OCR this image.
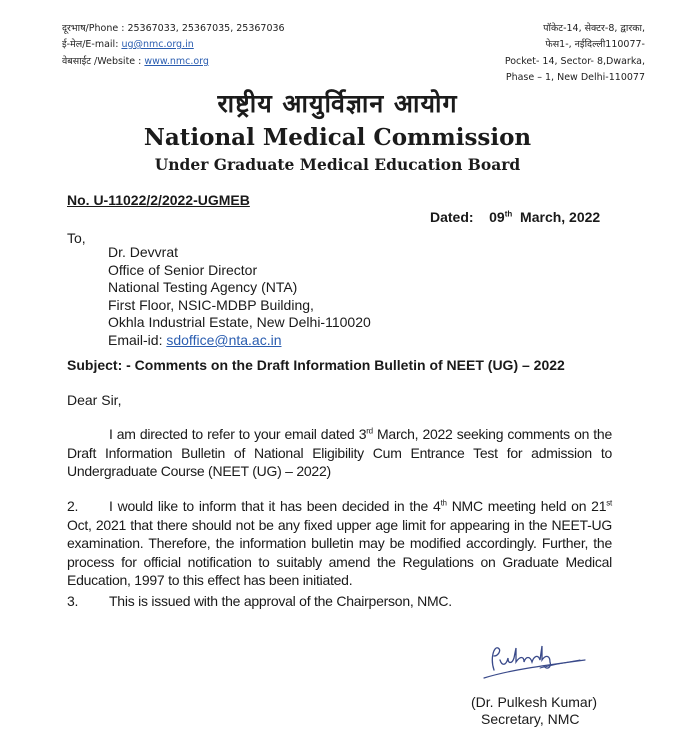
दूरभाष/Phone : 25367033, 25367035, 25367036
ई-मेल/E-mail: ug@nmc.org.in
वेबसाईट /Website : www.nmc.org
पॉकेट-14, सेक्टर-8, द्वारका,
फेस1-, नईदिल्ली110077-
Pocket- 14, Sector- 8,Dwarka,
Phase – 1, New Delhi-110077
राष्ट्रीय आयुर्विज्ञान आयोग
National Medical Commission
Under Graduate Medical Education Board
No. U-11022/2/2022-UGMEB
Dated: 09th March, 2022
To,
Dr. Devvrat
Office of Senior Director
National Testing Agency (NTA)
First Floor, NSIC-MDBP Building,
Okhla Industrial Estate, New Delhi-110020
Email-id: sdoffice@nta.ac.in
Subject: - Comments on the Draft Information Bulletin of NEET (UG) – 2022
Dear Sir,
I am directed to refer to your email dated 3rd March, 2022 seeking comments on the Draft Information Bulletin of National Eligibility Cum Entrance Test for admission to Undergraduate Course (NEET (UG) – 2022)
2. I would like to inform that it has been decided in the 4th NMC meeting held on 21st Oct, 2021 that there should not be any fixed upper age limit for appearing in the NEET-UG examination. Therefore, the information bulletin may be modified accordingly. Further, the process for official notification to suitably amend the Regulations on Graduate Medical Education, 1997 to this effect has been initiated.
3. This is issued with the approval of the Chairperson, NMC.
(Dr. Pulkesh Kumar)
Secretary, NMC
